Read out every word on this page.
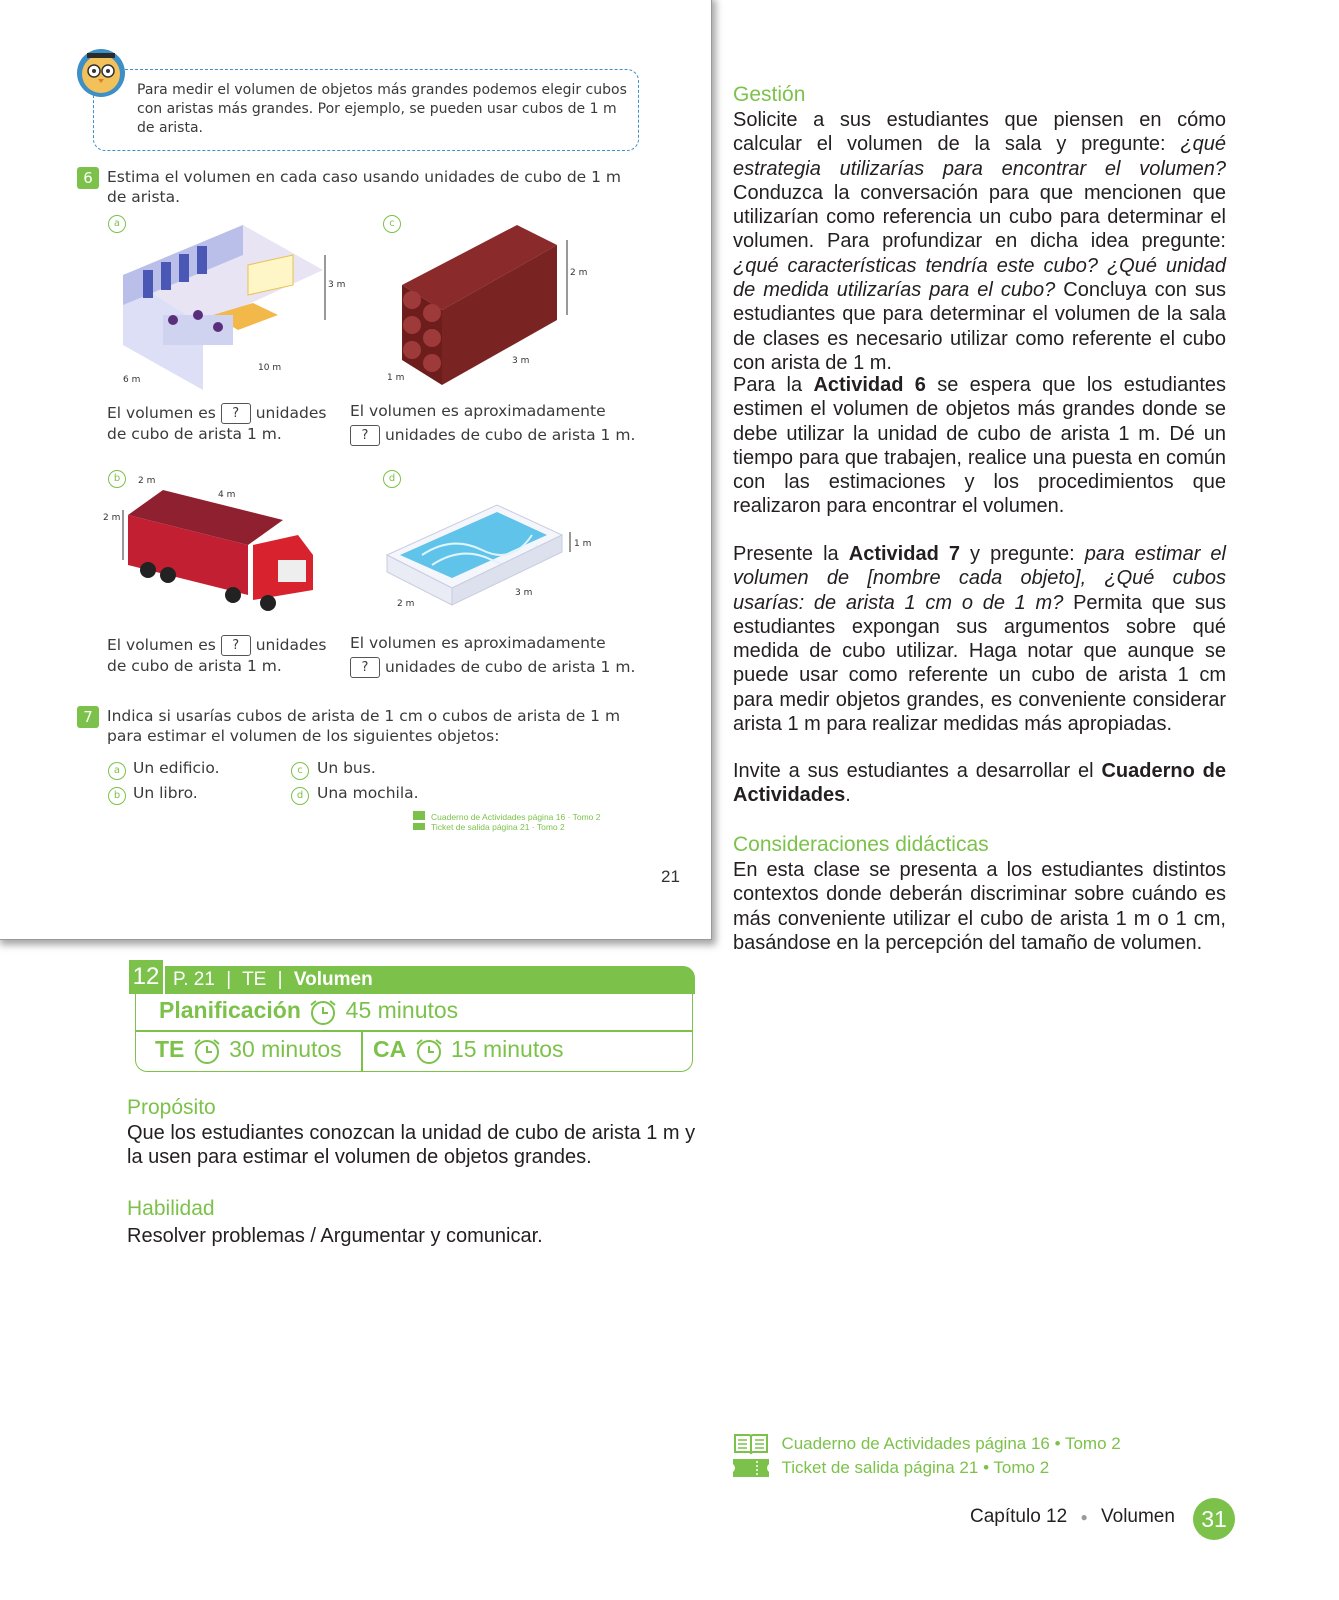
Para medir el volumen de objetos más grandes podemos elegir cubos con aristas más grandes. Por ejemplo, se pueden usar cubos de 1 m de arista.
6 Estima el volumen en cada caso usando unidades de cubo de 1 m de arista.
a
3 m
10 m
6 m
El volumen es ? unidades
de cubo de arista 1 m.
c
2 m
3 m
1 m
El volumen es aproximadamente
? unidades de cubo de arista 1 m.
b	2 m
4 m
2 m
El volumen es ? unidades
de cubo de arista 1 m.
d
1 m
3 m
2 m
El volumen es aproximadamente
? unidades de cubo de arista 1 m.
7 Indica si usarías cubos de arista de 1 cm o cubos de arista de 1 m para estimar el volumen de los siguientes objetos:
a Un edificio.	c Un bus.
b Un libro.	d Una mochila.
Cuaderno de Actividades página 16 · Tomo 2
Ticket de salida página 21 · Tomo 2
21
12 P. 21 | TE | Volumen
Planificación 45 minutos
TE 30 minutos CA 15 minutos
Propósito
Que los estudiantes conozcan la unidad de cubo de arista 1 m y la usen para estimar el volumen de objetos grandes.
Habilidad
Resolver problemas / Argumentar y comunicar.
Gestión
Solicite a sus estudiantes que piensen en cómo calcular el volumen de la sala y pregunte: ¿qué estrategia utilizarías para encontrar el volumen? Conduzca la conversación para que mencionen que utilizarían como referencia un cubo para determinar el volumen. Para profundizar en dicha idea pregunte: ¿qué características tendría este cubo? ¿Qué unidad de medida utilizarías para el cubo? Concluya con sus estudiantes que para determinar el volumen de la sala de clases es necesario utilizar como referente el cubo con arista de 1 m.
Para la Actividad 6 se espera que los estudiantes estimen el volumen de objetos más grandes donde se debe utilizar la unidad de cubo de arista 1 m. Dé un tiempo para que trabajen, realice una puesta en común con las estimaciones y los procedimientos que realizaron para encontrar el volumen.
Presente la Actividad 7 y pregunte: para estimar el volumen de [nombre cada objeto], ¿Qué cubos usarías: de arista 1 cm o de 1 m? Permita que sus estudiantes expongan sus argumentos sobre qué medida de cubo utilizar. Haga notar que aunque se puede usar como referente un cubo de arista 1 cm para medir objetos grandes, es conveniente considerar arista 1 m para realizar medidas más apropiadas.
Invite a sus estudiantes a desarrollar el Cuaderno de Actividades.
Consideraciones didácticas
En esta clase se presenta a los estudiantes distintos contextos donde deberán discriminar sobre cuándo es más conveniente utilizar el cubo de arista 1 m o 1 cm, basándose en la percepción del tamaño de volumen.
Cuaderno de Actividades página 16 • Tomo 2
Ticket de salida página 21 • Tomo 2
Capítulo 12 ● Volumen	31
